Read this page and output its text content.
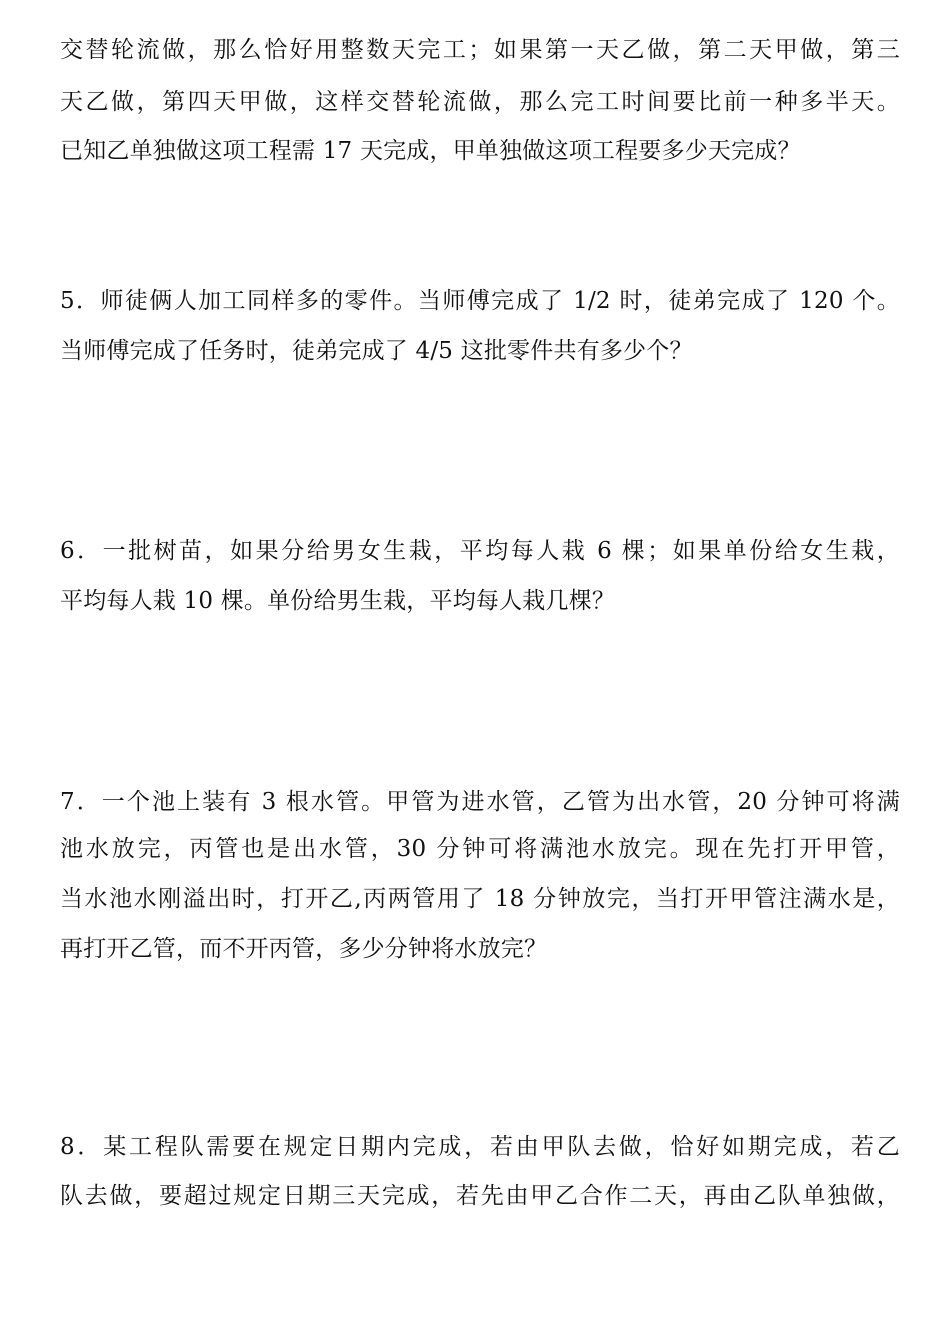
交替轮流做，那么恰好用整数天完工；如果第一天乙做，第二天甲做，第三
天乙做，第四天甲做，这样交替轮流做，那么完工时间要比前一种多半天。
已知乙单独做这项工程需 17 天完成，甲单独做这项工程要多少天完成？
5．师徒俩人加工同样多的零件。当师傅完成了 1/2 时，徒弟完成了 120 个。
当师傅完成了任务时，徒弟完成了 4/5 这批零件共有多少个？
6．一批树苗，如果分给男女生栽，平均每人栽 6 棵；如果单份给女生栽，
平均每人栽 10 棵。单份给男生栽，平均每人栽几棵？
7．一个池上装有 3 根水管。甲管为进水管，乙管为出水管，20 分钟可将满
池水放完，丙管也是出水管，30 分钟可将满池水放完。现在先打开甲管，
当水池水刚溢出时，打开乙,丙两管用了 18 分钟放完，当打开甲管注满水是，
再打开乙管，而不开丙管，多少分钟将水放完？
8．某工程队需要在规定日期内完成，若由甲队去做，恰好如期完成，若乙
队去做，要超过规定日期三天完成，若先由甲乙合作二天，再由乙队单独做，
